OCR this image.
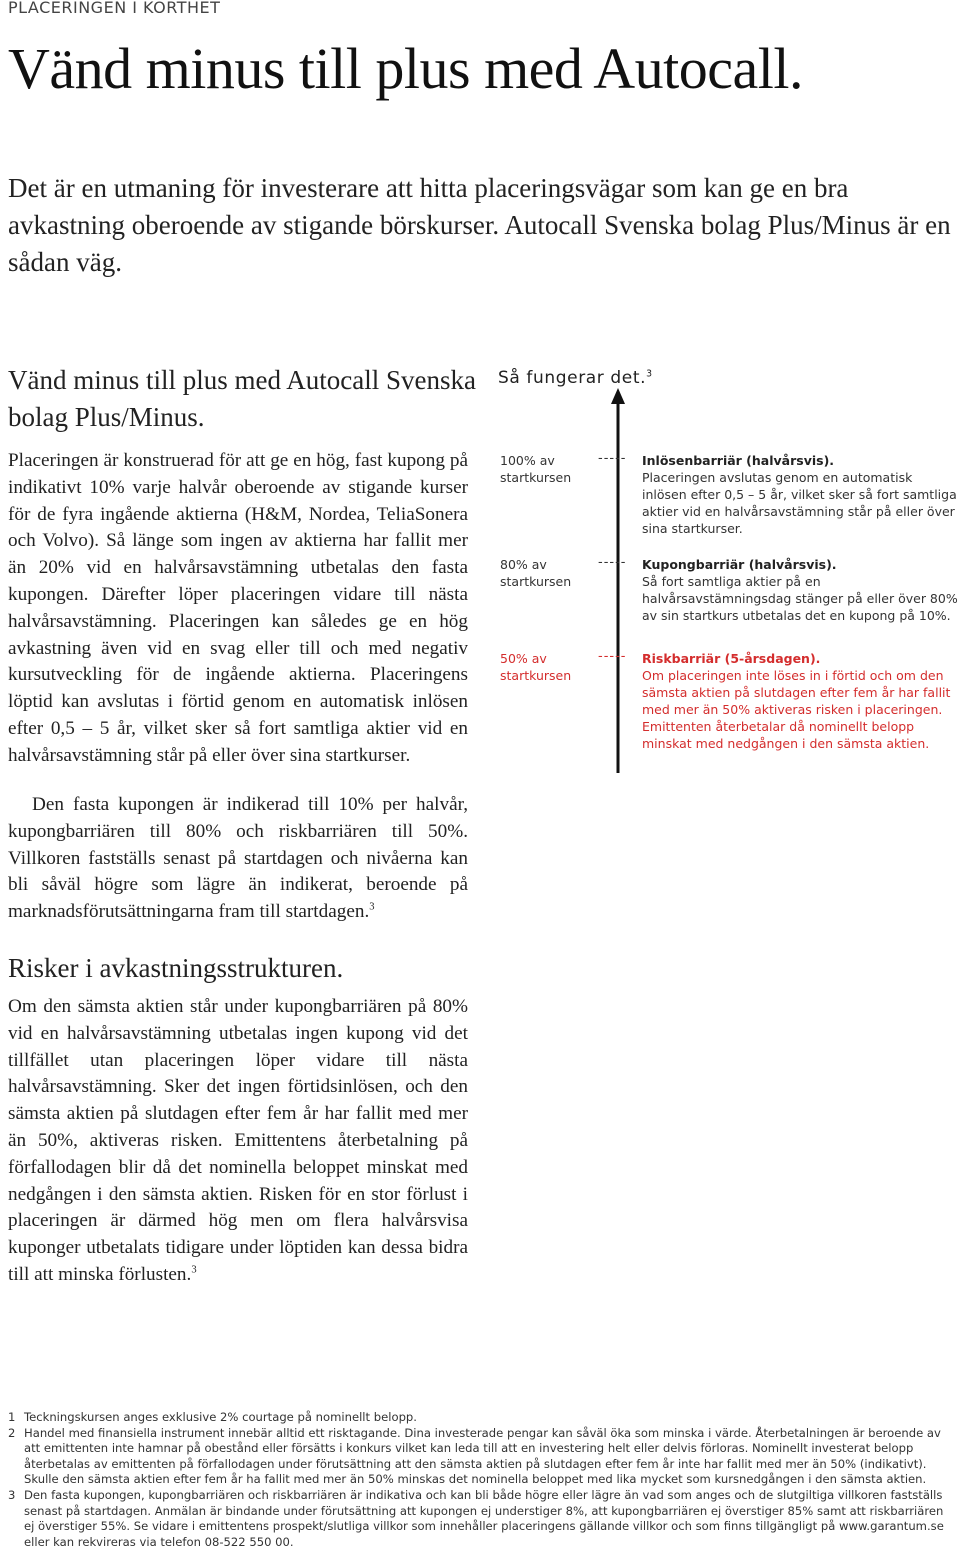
PLACERINGEN I KORTHET
Vänd minus till plus med Autocall.
Det är en utmaning för investerare att hitta placeringsvägar som kan ge en bra avkastning oberoende av stigande börskurser. Autocall Svenska bolag Plus/Minus är en sådan väg.
Vänd minus till plus med Autocall Svenska bolag Plus/Minus.
Placeringen är konstruerad för att ge en hög, fast kupong på indikativt 10% varje halvår oberoende av stigande kurser för de fyra ingående aktierna (H&M, Nordea, TeliaSonera och Volvo). Så länge som ingen av aktierna har fallit mer än 20% vid en halvårsavstämning utbetalas den fasta kupongen. Därefter löper placeringen vidare till nästa halvårsavstämning. Placeringen kan således ge en hög avkastning även vid en svag eller till och med negativ kursutveckling för de ingående aktierna. Placeringens löptid kan avslutas i förtid genom en automatisk inlösen efter 0,5 – 5 år, vilket sker så fort samtliga aktier vid en halvårsavstämning står på eller över sina startkurser.
Den fasta kupongen är indikerad till 10% per halvår, kupongbarriären till 80% och riskbarriären till 50%. Villkoren fastställs senast på startdagen och nivåerna kan bli såväl högre som lägre än indikerat, beroende på marknadsförutsättningarna fram till startdagen.$^3$
Risker i avkastningsstrukturen.
Om den sämsta aktien står under kupongbarriären på 80% vid en halvårsavstämning utbetalas ingen kupong vid det tillfället utan placeringen löper vidare till nästa halvårsavstämning. Sker det ingen förtidsinlösen, och den sämsta aktien på slutdagen efter fem år har fallit med mer än 50%, aktiveras risken. Emittentens återbetalning på förfallodagen blir då det nominella beloppet minskat med nedgången i den sämsta aktien. Risken för en stor förlust i placeringen är därmed hög men om flera halvårsvisa kuponger utbetalats tidigare under löptiden kan dessa bidra till att minska förlusten.$^3$
Så fungerar det.$^3$
100% av
startkursen
----- Inlösenbarriär (halvårsvis).
Placeringen avslutas genom en automatisk inlösen efter 0,5 – 5 år, vilket sker så fort samtliga aktier vid en halvårsavstämning står på eller över sina startkurser.
80% av
startkursen
----- Kupongbarriär (halvårsvis).
Så fort samtliga aktier på en halvårsavstämningsdag stänger på eller över 80% av sin startkurs utbetalas det en kupong på 10%.
50% av
startkursen
----- Riskbarriär (5-årsdagen).
Om placeringen inte löses in i förtid och om den sämsta aktien på slutdagen efter fem år har fallit med mer än 50% aktiveras risken i placeringen. Emittenten återbetalar då nominellt belopp minskat med nedgången i den sämsta aktien.
1 Teckningskursen anges exklusive 2% courtage på nominellt belopp.
2 Handel med finansiella instrument innebär alltid ett risktagande. Dina investerade pengar kan såväl öka som minska i värde. Återbetalningen är beroende av att emittenten inte hamnar på obestånd eller försätts i konkurs vilket kan leda till att en investering helt eller delvis förloras. Nominellt investerat belopp återbetalas av emittenten på förfallodagen under förutsättning att den sämsta aktien på slutdagen efter fem år inte har fallit med mer än 50% (indikativt). Skulle den sämsta aktien efter fem år ha fallit med mer än 50% minskas det nominella beloppet med lika mycket som kursnedgången i den sämsta aktien.
3 Den fasta kupongen, kupongbarriären och riskbarriären är indikativa och kan bli både högre eller lägre än vad som anges och de slutgiltiga villkoren fastställs senast på startdagen. Anmälan är bindande under förutsättning att kupongen ej understiger 8%, att kupongbarriären ej överstiger 85% samt att riskbarriären ej överstiger 55%. Se vidare i emittentens prospekt/slutliga villkor som innehåller placeringens gällande villkor och som finns tillgängligt på www.garantum.se eller kan rekvireras via telefon 08-522 550 00.
